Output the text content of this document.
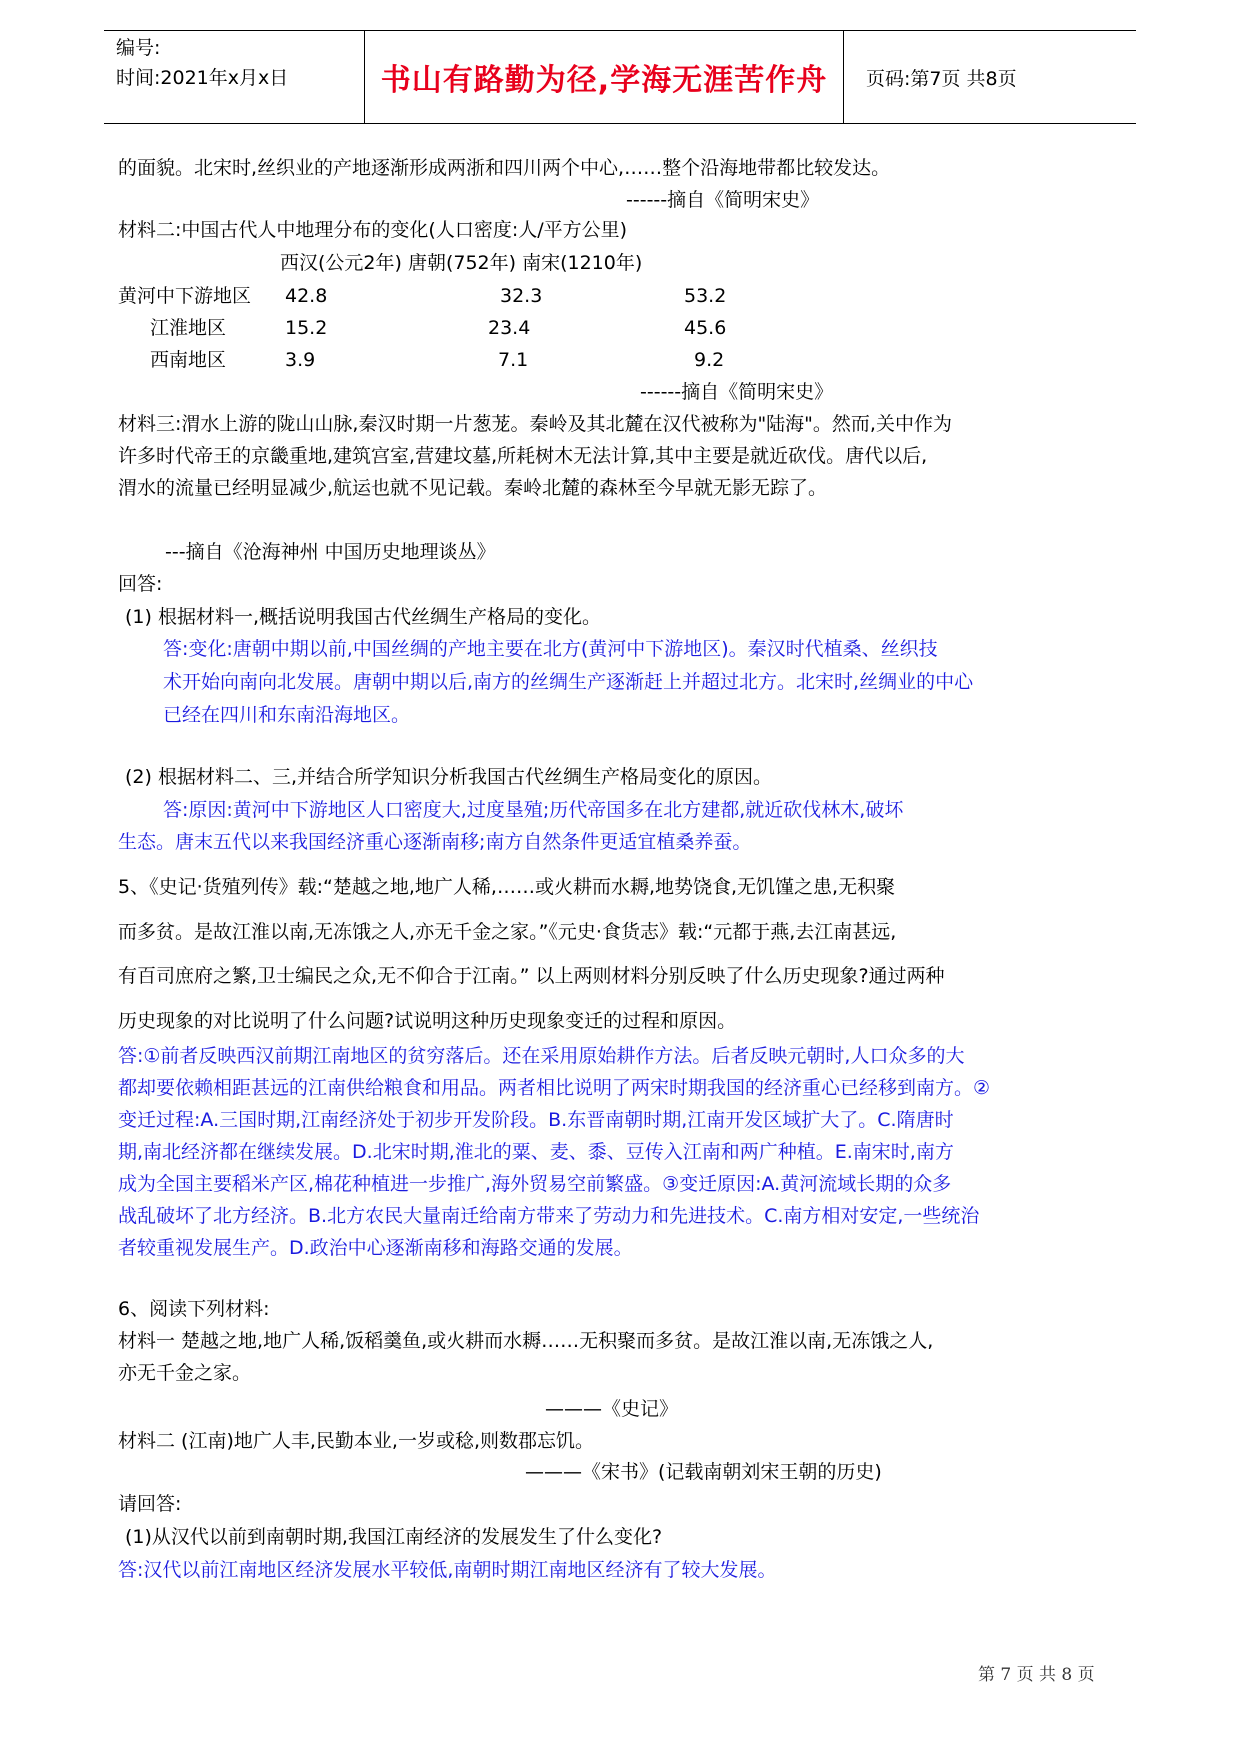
编号:
时间:2021年x月x日	书山有路勤为径,学海无涯苦作舟 页码:第7页 共8页
的面貌。北宋时,丝织业的产地逐渐形成两浙和四川两个中心,……整个沿海地带都比较发达。
------摘自《简明宋史》
材料二:中国古代人中地理分布的变化(人口密度:人/平方公里)
西汉(公元2年) 唐朝(752年) 南宋(1210年)
黄河中下游地区 42.8	32.3	53.2
江淮地区	15.2	23.4	45.6
西南地区	3.9	7.1	9.2
------摘自《简明宋史》
材料三:渭水上游的陇山山脉,秦汉时期一片葱茏。秦岭及其北麓在汉代被称为"陆海"。然而,关中作为
许多时代帝王的京畿重地,建筑宫室,营建坟墓,所耗树木无法计算,其中主要是就近砍伐。唐代以后,
渭水的流量已经明显减少,航运也就不见记载。秦岭北麓的森林至今早就无影无踪了。
---摘自《沧海神州 中国历史地理谈丛》
回答:
(1) 根据材料一,概括说明我国古代丝绸生产格局的变化。
答:变化:唐朝中期以前,中国丝绸的产地主要在北方(黄河中下游地区)。秦汉时代植桑、丝织技
术开始向南向北发展。唐朝中期以后,南方的丝绸生产逐渐赶上并超过北方。北宋时,丝绸业的中心
已经在四川和东南沿海地区。
(2) 根据材料二、三,并结合所学知识分析我国古代丝绸生产格局变化的原因。
答:原因:黄河中下游地区人口密度大,过度垦殖;历代帝国多在北方建都,就近砍伐林木,破坏
生态。唐末五代以来我国经济重心逐渐南移;南方自然条件更适宜植桑养蚕。
5、《史记·货殖列传》载:“楚越之地,地广人稀,……或火耕而水耨,地势饶食,无饥馑之患,无积聚
而多贫。是故江淮以南,无冻饿之人,亦无千金之家。”《元史·食货志》载:“元都于燕,去江南甚远,
有百司庶府之繁,卫士编民之众,无不仰合于江南。” 以上两则材料分别反映了什么历史现象?通过两种
历史现象的对比说明了什么问题?试说明这种历史现象变迁的过程和原因。
答:①前者反映西汉前期江南地区的贫穷落后。还在采用原始耕作方法。后者反映元朝时,人口众多的大
都却要依赖相距甚远的江南供给粮食和用品。两者相比说明了两宋时期我国的经济重心已经移到南方。②
变迁过程:A.三国时期,江南经济处于初步开发阶段。B.东晋南朝时期,江南开发区域扩大了。C.隋唐时
期,南北经济都在继续发展。D.北宋时期,淮北的粟、麦、黍、豆传入江南和两广种植。E.南宋时,南方
成为全国主要稻米产区,棉花种植进一步推广,海外贸易空前繁盛。③变迁原因:A.黄河流域长期的众多
战乱破坏了北方经济。B.北方农民大量南迁给南方带来了劳动力和先进技术。C.南方相对安定,一些统治
者较重视发展生产。D.政治中心逐渐南移和海路交通的发展。
6、阅读下列材料:
材料一 楚越之地,地广人稀,饭稻羹鱼,或火耕而水耨……无积聚而多贫。是故江淮以南,无冻饿之人,
亦无千金之家。
———《史记》
材料二 (江南)地广人丰,民勤本业,一岁或稔,则数郡忘饥。
———《宋书》(记载南朝刘宋王朝的历史)
请回答:
(1)从汉代以前到南朝时期,我国江南经济的发展发生了什么变化?
答:汉代以前江南地区经济发展水平较低,南朝时期江南地区经济有了较大发展。
第 7 页 共 8 页
